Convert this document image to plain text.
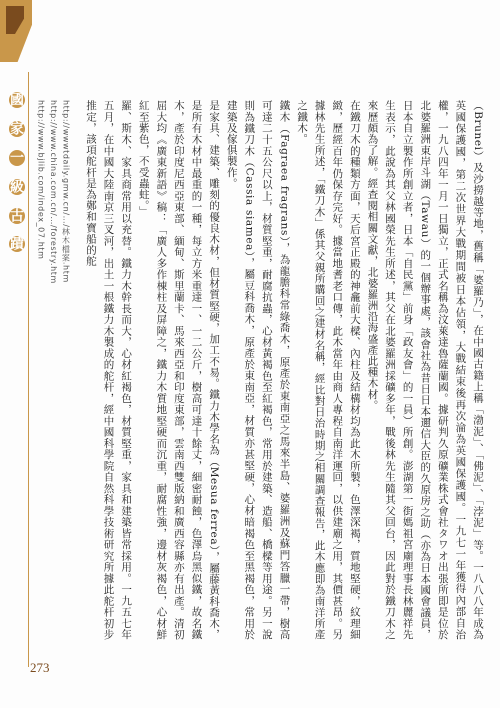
國 家 一 級 古 蹟	（Brunei）及沙撈越等地，舊稱「婆羅乃」，在中國古籍上稱「渤泥」、「佛泥」、「浡泥」等。一八八八年成為英國保護國，第二次世界大戰期間被日本佔領，大戰結束後再次淪為英國保護國。一九七一年獲得內部自治權，一九八四年一月一日獨立，正式名稱為汶萊達魯薩蘭國。據研判久原礦業株式會社タワオ出張所即是位於北婆羅洲東岸斗湖（Tawau）的一個辦事處，該會社為昔日日本邇信大臣的久原房之助（亦為日本國會議員，日本自立製作所創立者，日本「自民黨」前身「政友會」的一員）所創。澎湖第一街媽祖宮廟理事長林麗祥先生表示，此說為其父林國榮先生所述，其父在北婆羅洲採礦多年，戰後林先生隨其父回台，因此對於鐵刀木之來歷頗為了解。經查閱相關文獻，北婆羅洲沿海盛產此種木材。
在鐵刀木的種類方面，天后宮正殿的神龕前大樑、內柱及結構材均為此木所製，色澤深褐，質地堅硬，紋理細緻，歷經百年仍保存完好。據當地耆老口傳，此木當年由商人專程自南洋運回，以供建廟之用，其價甚昂。另據林先生所述，「鐵刀木」係其父親所購回之建材名稱，經比對日治時期之相關調查報告，此木應即為南洋所產之鐵木。
鐵木（Fagraea fragrans），為龍膽科常綠喬木，原產於東南亞之馬來半島、婆羅洲及蘇門答臘一帶，樹高可達二十五公尺以上，材質堅重，耐腐抗蟲，心材黃褐色至紅褐色，常用於建築、造船、橋樑等用途。另一說則為鐵刀木（Cassia siamea），屬豆科喬木，原產於東南亞，材質亦甚堅硬，心材暗褐色至黑褐色，常用於建築及傢俱製作。
是家具、建築、雕刻的優良木材，但材質堅硬，加工不易。鐵力木學名為（Mesua ferrea），屬藤黃科喬木，是所有木材中最重的一種，每立方米重達一、一二公斤，樹高可達十餘丈，細密耐蝕，色澤烏黑似鐵，故名鐵木，產於印度尼西亞東部、緬甸、斯里蘭卡、馬來西亞和印度東部，雲南西雙版納和廣西容縣亦有出產。清初屈大均《廣東新語》稿：「廣人多作棟柱及屏障之，鐵力木質地堅硬而沉重，耐腐性強，邊材灰褐色，心材鮮紅至紫色，不受蟲蛀。」
羅、斯木、家具商常用以充替。鐵力木幹長而大，心材紅褐色，材質堅重，家具和建築皆常採用。一九五七年五月，在中國大陸南京三叉河，出土一根鐵力木製成的舵杆，經中國科學院自然科學技術研究所據此舵杆初步推定，該項舵杆是為鄭和寶船的舵
http://wwwtdaily.gmw.cn/…/林木檔案.htm
http://www.china.com.cn/…/forestry.htm
http://www.bjlib.com/index_07.htm
273
